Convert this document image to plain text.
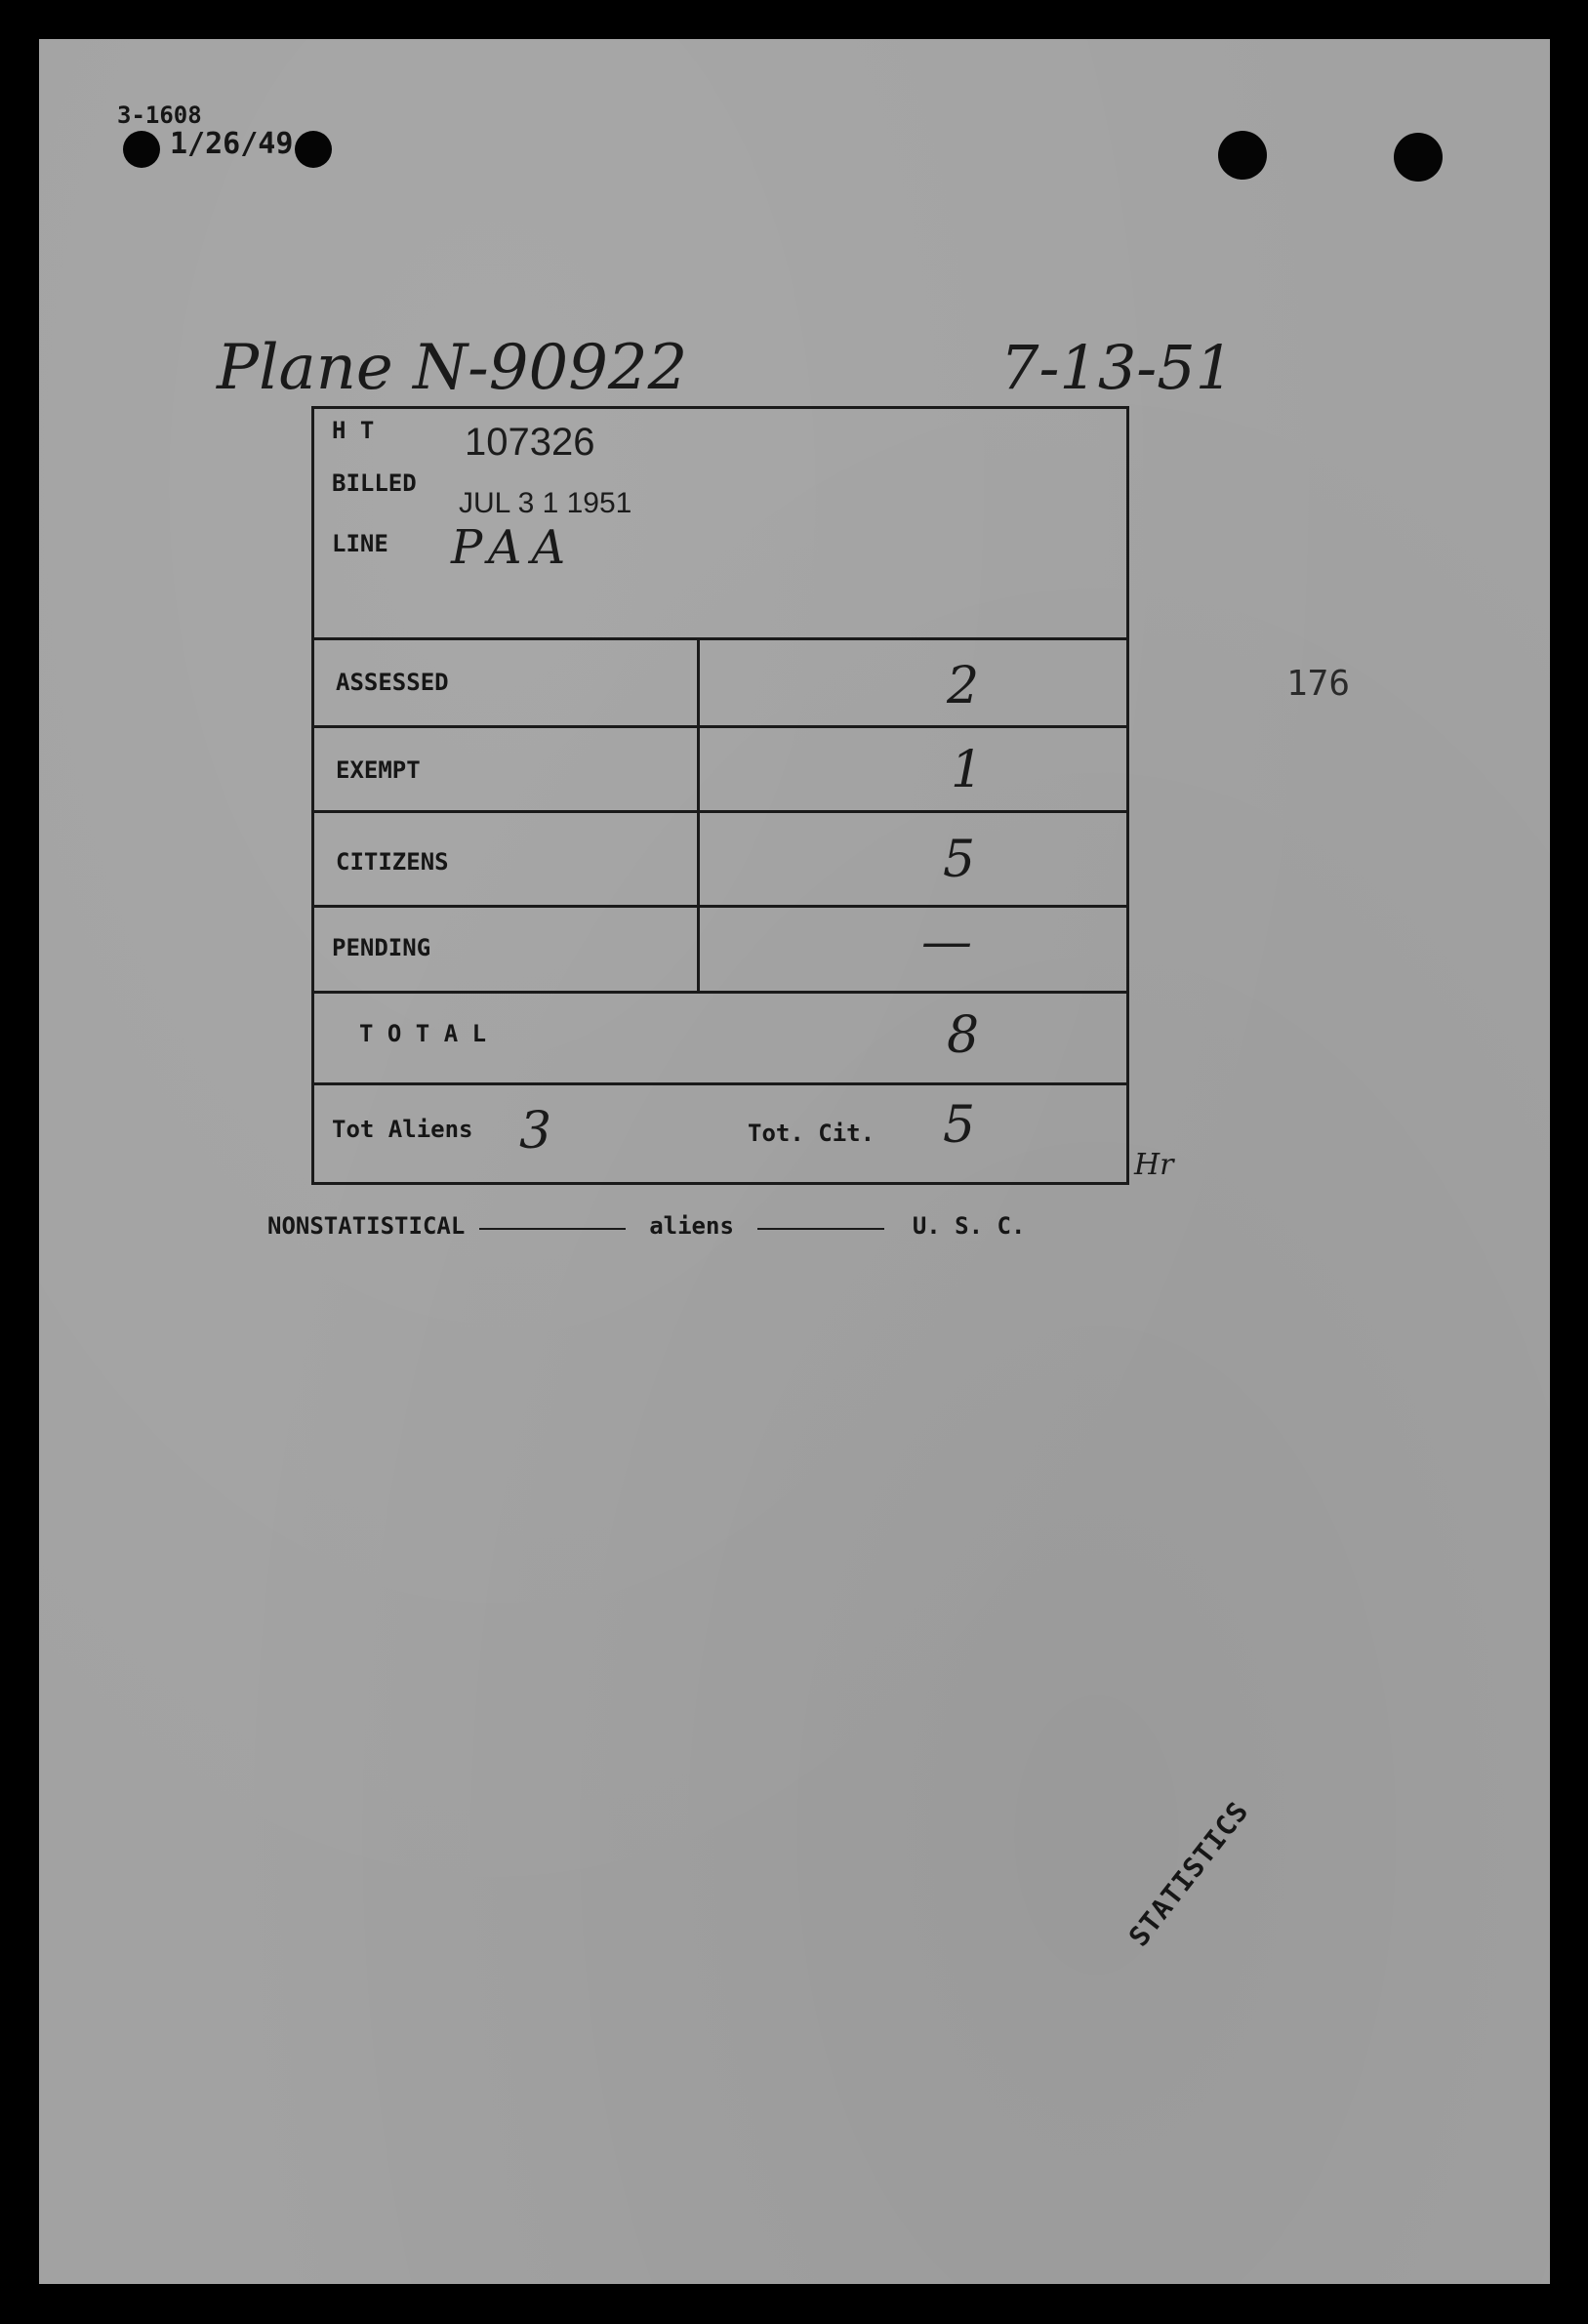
3-1608
1/26/49
Plane N-90922	7-13-51
176
H T 107326
BILLED
JUL 3 1 1951
LINE PAA
ASSESSED	2
EXEMPT	1
CITIZENS	5
PENDING	—
T O T A L	8
Tot Aliens 3	Tot. Cit. 5
Hr
NONSTATISTICAL	aliens	U. S. C.
STATISTICS
